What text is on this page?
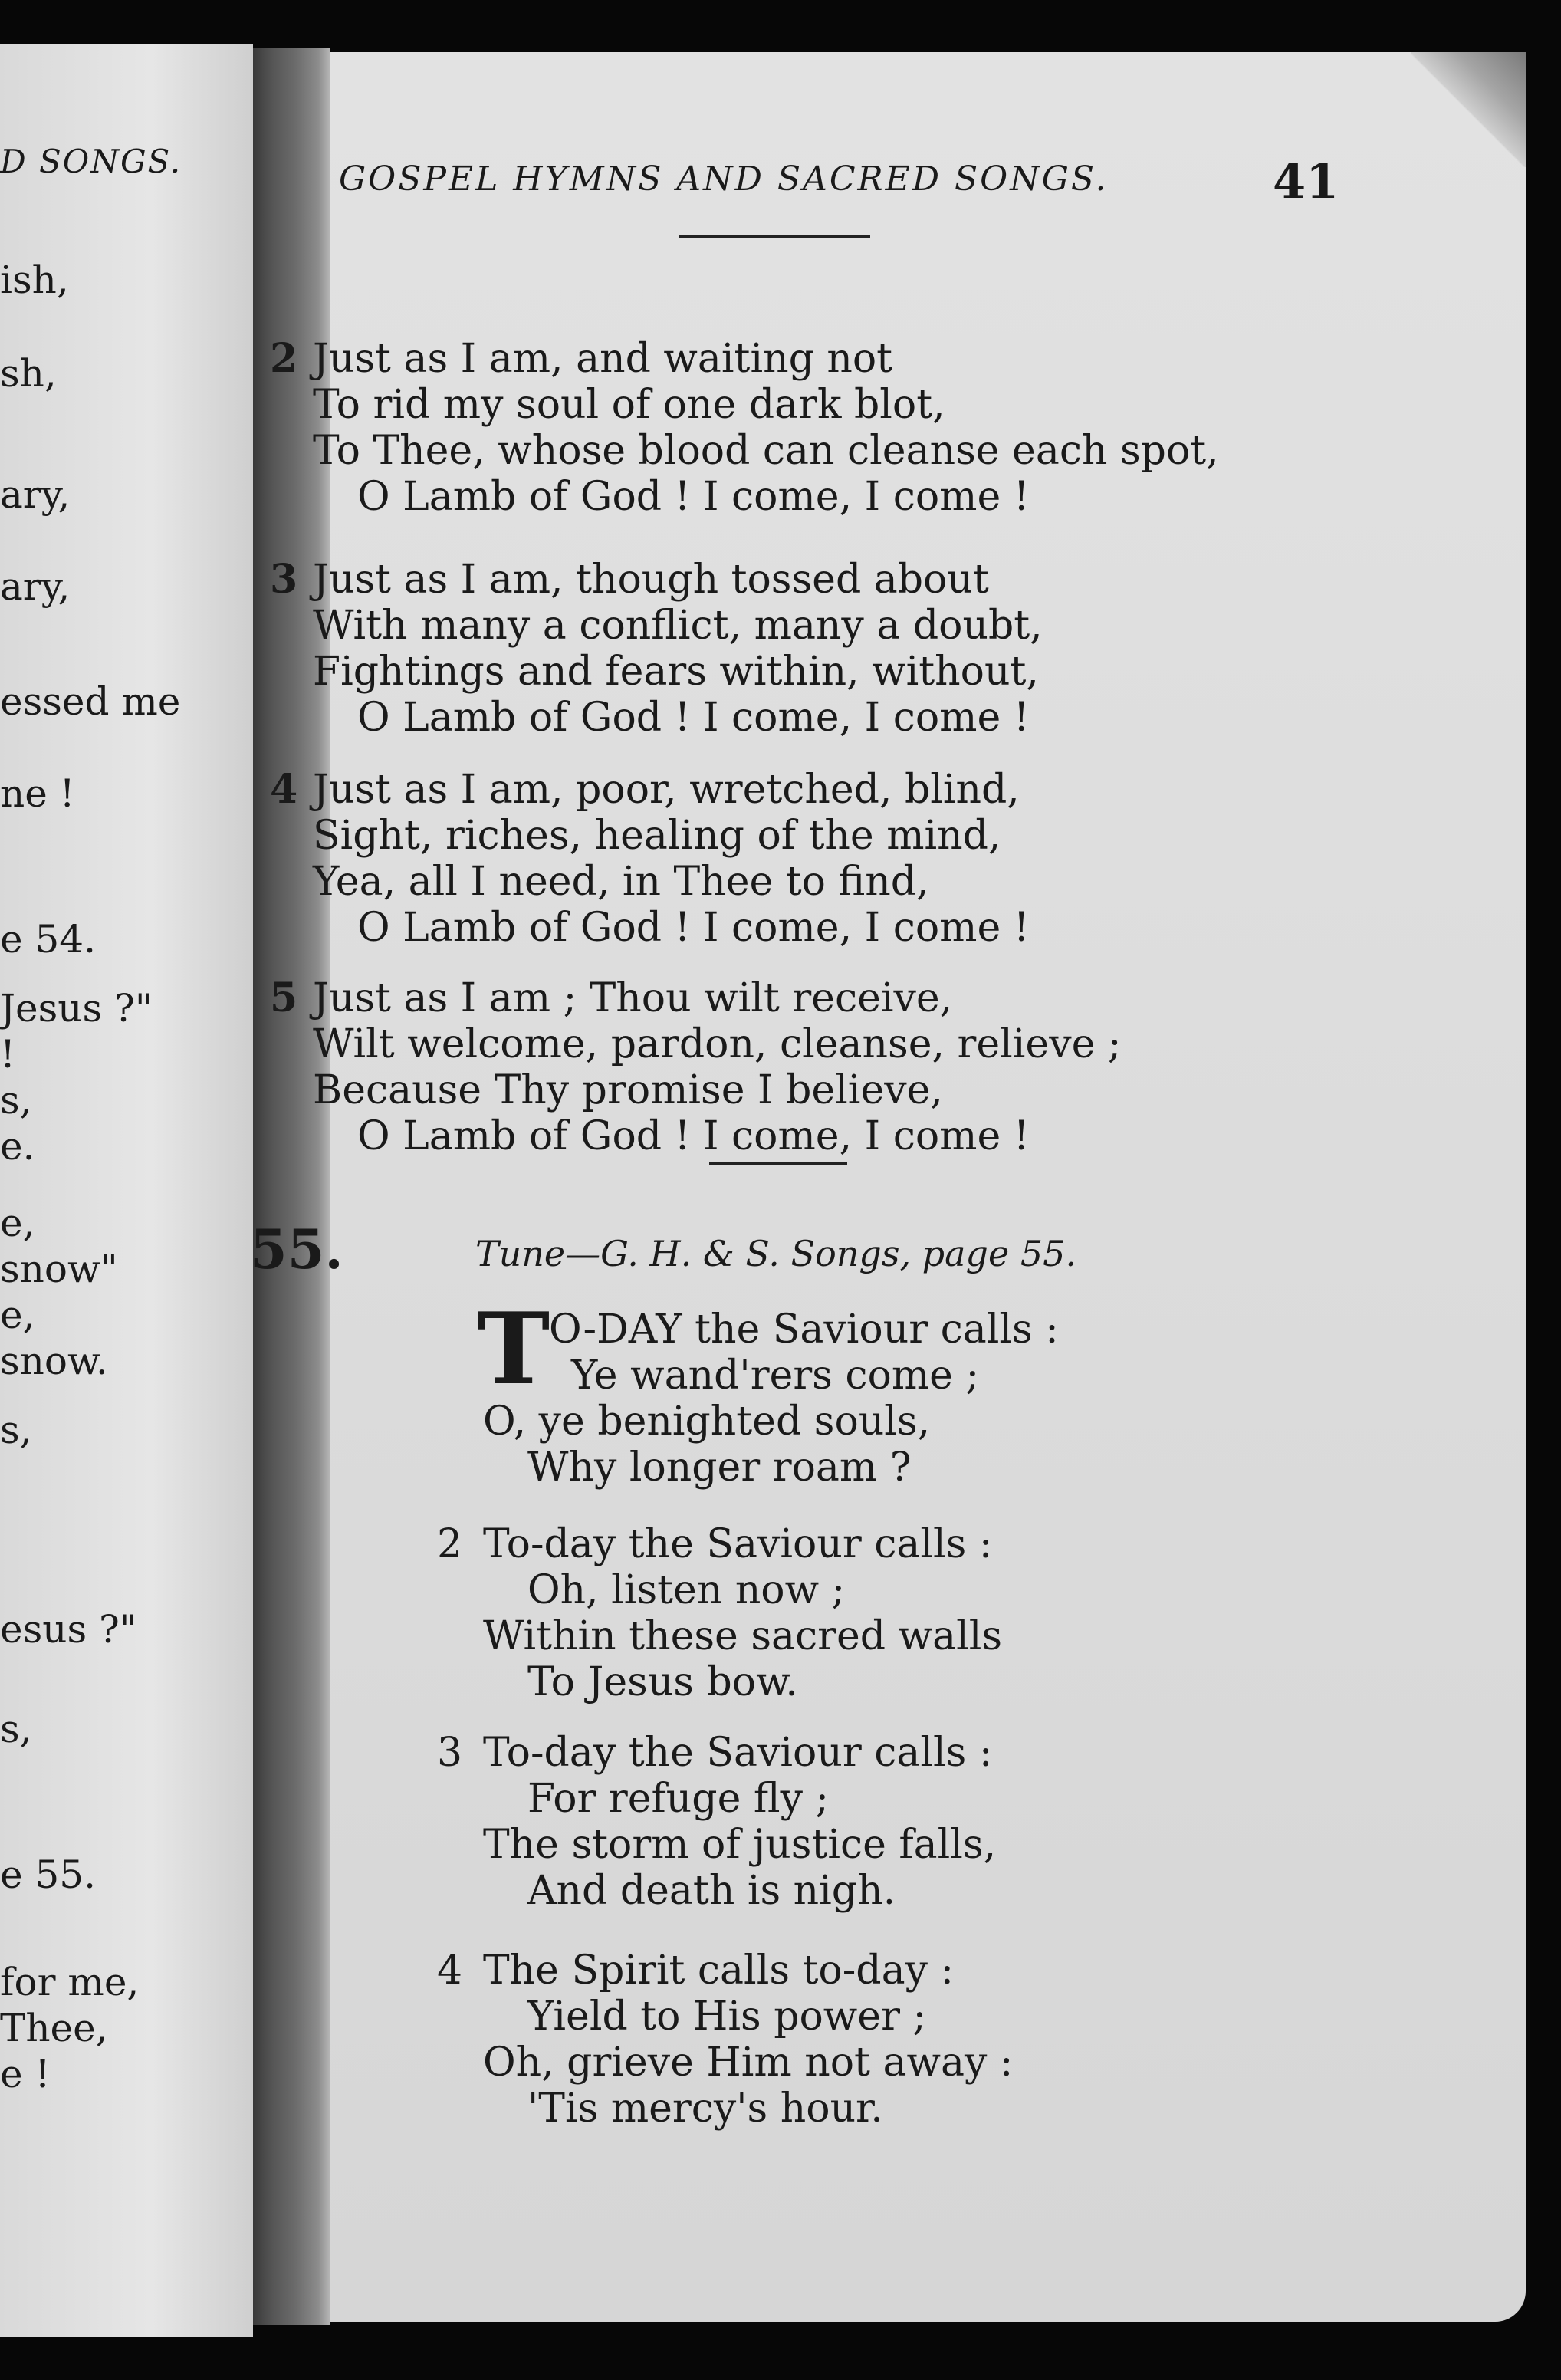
D SONGS.
ish,
sh,
ary,
ary,
essed me
ne !
e 54.
Jesus ?"
!
s,
e.
e,
snow"
e,
snow.
s,
esus ?"
s,
e 55.
for me,
Thee,
e !
GOSPEL HYMNS AND SACRED SONGS.	41
2 Just as I am, and waiting not
To rid my soul of one dark blot,
To Thee, whose blood can cleanse each spot,
O Lamb of God ! I come, I come !
3 Just as I am, though tossed about
With many a conflict, many a doubt,
Fightings and fears within, without,
O Lamb of God ! I come, I come !
4 Just as I am, poor, wretched, blind,
Sight, riches, healing of the mind,
Yea, all I need, in Thee to find,
O Lamb of God ! I come, I come !
5 Just as I am ; Thou wilt receive,
Wilt welcome, pardon, cleanse, relieve ;
Because Thy promise I believe,
O Lamb of God ! I come, I come !
55.	Tune—G. H. & S. Songs, page 55.
T
O-DAY the Saviour calls :
Ye wand'rers come ;
O, ye benighted souls,
Why longer roam ?
2 To-day the Saviour calls :
Oh, listen now ;
Within these sacred walls
To Jesus bow.
3 To-day the Saviour calls :
For refuge fly ;
The storm of justice falls,
And death is nigh.
4 The Spirit calls to-day :
Yield to His power ;
Oh, grieve Him not away :
'Tis mercy's hour.
